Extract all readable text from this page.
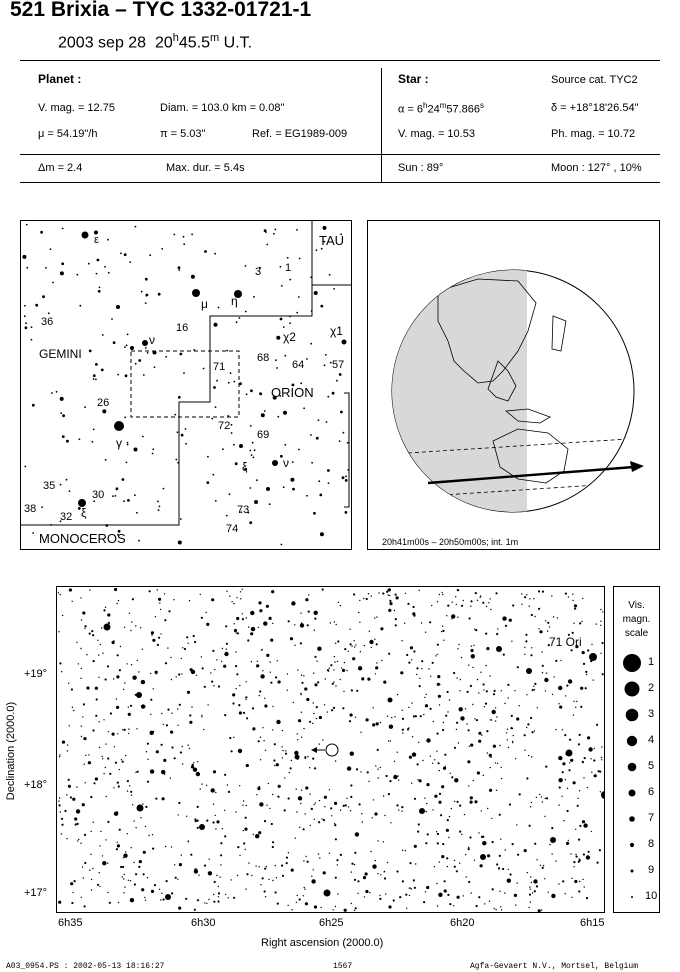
521 Brixia – TYC 1332-01721-1
2003 sep 28 20$^h$45.5$^m$ U.T.
Planet :
V. mag. = 12.75	Diam. = 103.0 km = 0.08"
μ = 54.19"/h	π = 5.03"	Ref. = EG1989-009
Δm = 2.4	Max. dur. = 5.4s
Star :	Source cat. TYC2
$\alpha = 6^h24^m57.866^s$	δ = +18°18'26.54"
V. mag. = 10.53	Ph. mag. = 10.72
Sun : 89°	Moon : 127° , 10%
ε
3 1
μ η
36	16
ν
GEMINI
χ2	χ1
68
64	57
71
ORION
26
72
69
γ
ξ	ν
35
30
38
32 ξ	73
74
MONOCEROS
TAU
20h41m00s – 20h50m00s; int. 1m
71 Ori
+19°
+18°
+17°
Declination (2000.0)
6h35	6h30	6h25	6h20	6h15
Right ascension (2000.0)
Vis.
magn.
scale
1
2
3
4
5
6
7
8
9
10
A03_0954.PS : 2002-05-13 18:16:27	1567	Agfa-Gevaert N.V., Mortsel, Belgium
